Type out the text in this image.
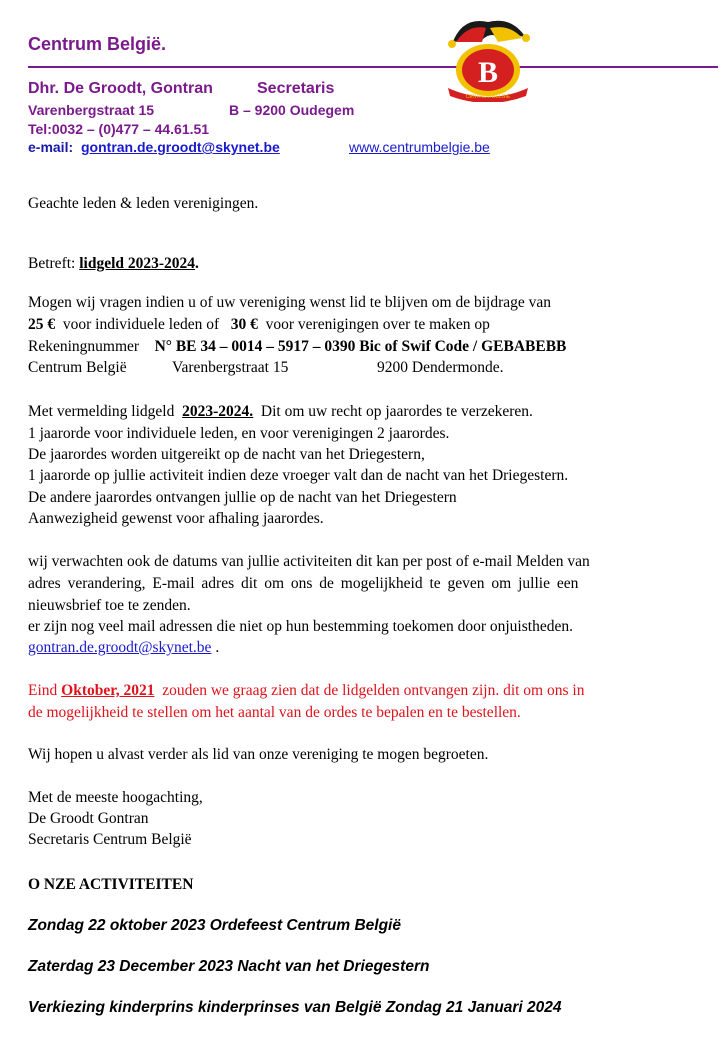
Centrum België.
CENTRUM BELGIË
B
Dhr. De Groodt, Gontran	Secretaris
Varenbergstraat 15	B – 9200 Oudegem
Tel:0032 – (0)477 – 44.61.51
e-mail: gontran.de.groodt@skynet.be	www.centrumbelgie.be
Geachte leden & leden verenigingen.
Betreft: lidgeld 2023-2024.
Mogen wij vragen indien u of uw vereniging wenst lid te blijven om de bijdrage van
25 € voor individuele leden of 30 € voor verenigingen over te maken op
Rekeningnummer N° BE 34 – 0014 – 5917 – 0390 Bic of Swif Code / GEBABEBB
Centrum België	Varenbergstraat 15	9200 Dendermonde.
Met vermelding lidgeld 2023-2024. Dit om uw recht op jaarordes te verzekeren.
1 jaarorde voor individuele leden, en voor verenigingen 2 jaarordes.
De jaarordes worden uitgereikt op de nacht van het Driegestern,
1 jaarorde op jullie activiteit indien deze vroeger valt dan de nacht van het Driegestern.
De andere jaarordes ontvangen jullie op de nacht van het Driegestern
Aanwezigheid gewenst voor afhaling jaarordes.
wij verwachten ook de datums van jullie activiteiten dit kan per post of e-mail Melden van
adres verandering, E-mail adres dit om ons de mogelijkheid te geven om jullie een
nieuwsbrief toe te zenden.
er zijn nog veel mail adressen die niet op hun bestemming toekomen door onjuistheden.
gontran.de.groodt@skynet.be .
Eind Oktober, 2021 zouden we graag zien dat de lidgelden ontvangen zijn. dit om ons in
de mogelijkheid te stellen om het aantal van de ordes te bepalen en te bestellen.
Wij hopen u alvast verder als lid van onze vereniging te mogen begroeten.
Met de meeste hoogachting,
De Groodt Gontran
Secretaris Centrum België
O NZE ACTIVITEITEN
Zondag 22 oktober 2023 Ordefeest Centrum België
Zaterdag 23 December 2023 Nacht van het Driegestern
Verkiezing kinderprins kinderprinses van België Zondag 21 Januari 2024
